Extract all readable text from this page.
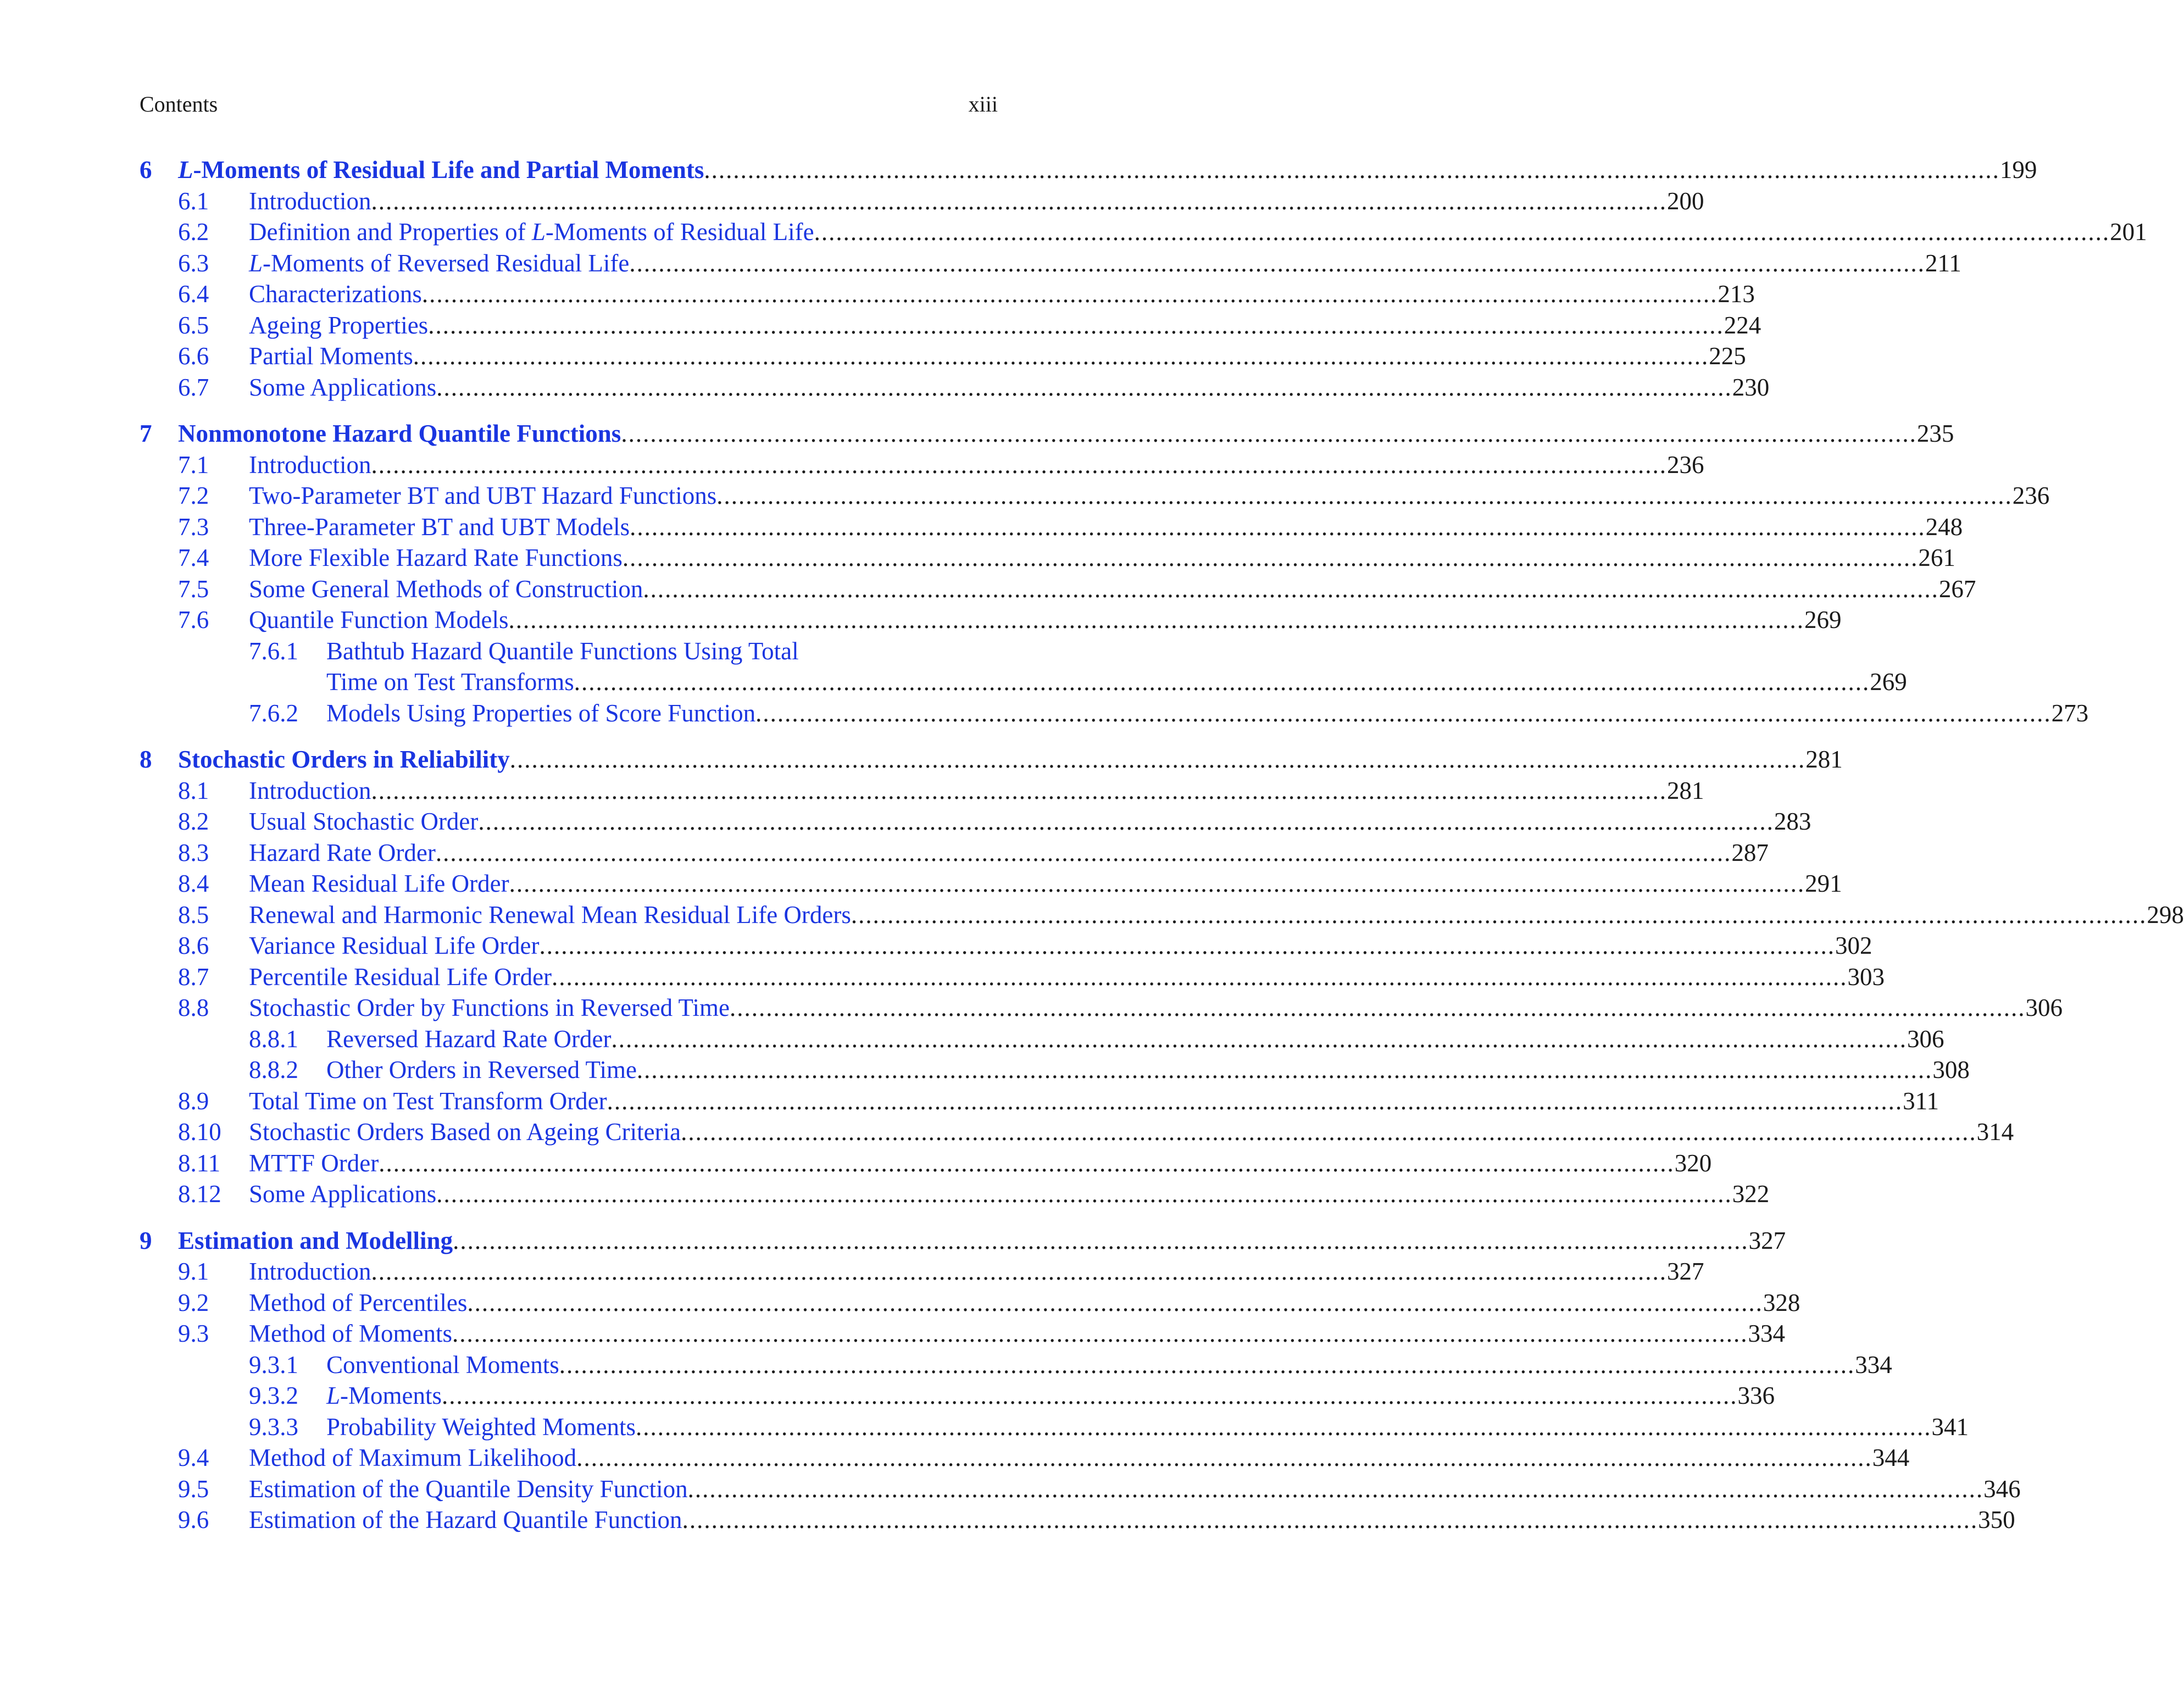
Contents	xiii
6 L-Moments of Residual Life and Partial Moments .................................................................................................................................................................................. 199
6.1 Introduction .................................................................................................................................................................................. 200
6.2 Definition and Properties of L-Moments of Residual Life .................................................................................................................................................................................. 201
6.3 L-Moments of Reversed Residual Life .................................................................................................................................................................................. 211
6.4 Characterizations .................................................................................................................................................................................. 213
6.5 Ageing Properties .................................................................................................................................................................................. 224
6.6 Partial Moments .................................................................................................................................................................................. 225
6.7 Some Applications .................................................................................................................................................................................. 230
7 Nonmonotone Hazard Quantile Functions .................................................................................................................................................................................. 235
7.1 Introduction .................................................................................................................................................................................. 236
7.2 Two-Parameter BT and UBT Hazard Functions .................................................................................................................................................................................. 236
7.3 Three-Parameter BT and UBT Models .................................................................................................................................................................................. 248
7.4 More Flexible Hazard Rate Functions .................................................................................................................................................................................. 261
7.5 Some General Methods of Construction .................................................................................................................................................................................. 267
7.6 Quantile Function Models .................................................................................................................................................................................. 269
7.6.1 Bathtub Hazard Quantile Functions Using Total
Time on Test Transforms .................................................................................................................................................................................. 269
7.6.2 Models Using Properties of Score Function .................................................................................................................................................................................. 273
8 Stochastic Orders in Reliability .................................................................................................................................................................................. 281
8.1 Introduction .................................................................................................................................................................................. 281
8.2 Usual Stochastic Order .................................................................................................................................................................................. 283
8.3 Hazard Rate Order .................................................................................................................................................................................. 287
8.4 Mean Residual Life Order .................................................................................................................................................................................. 291
8.5 Renewal and Harmonic Renewal Mean Residual Life Orders .................................................................................................................................................................................. 298
8.6 Variance Residual Life Order .................................................................................................................................................................................. 302
8.7 Percentile Residual Life Order .................................................................................................................................................................................. 303
8.8 Stochastic Order by Functions in Reversed Time .................................................................................................................................................................................. 306
8.8.1 Reversed Hazard Rate Order .................................................................................................................................................................................. 306
8.8.2 Other Orders in Reversed Time .................................................................................................................................................................................. 308
8.9 Total Time on Test Transform Order .................................................................................................................................................................................. 311
8.10 Stochastic Orders Based on Ageing Criteria .................................................................................................................................................................................. 314
8.11 MTTF Order .................................................................................................................................................................................. 320
8.12 Some Applications .................................................................................................................................................................................. 322
9 Estimation and Modelling .................................................................................................................................................................................. 327
9.1 Introduction .................................................................................................................................................................................. 327
9.2 Method of Percentiles .................................................................................................................................................................................. 328
9.3 Method of Moments .................................................................................................................................................................................. 334
9.3.1 Conventional Moments .................................................................................................................................................................................. 334
9.3.2 L-Moments .................................................................................................................................................................................. 336
9.3.3 Probability Weighted Moments .................................................................................................................................................................................. 341
9.4 Method of Maximum Likelihood .................................................................................................................................................................................. 344
9.5 Estimation of the Quantile Density Function .................................................................................................................................................................................. 346
9.6 Estimation of the Hazard Quantile Function .................................................................................................................................................................................. 350
